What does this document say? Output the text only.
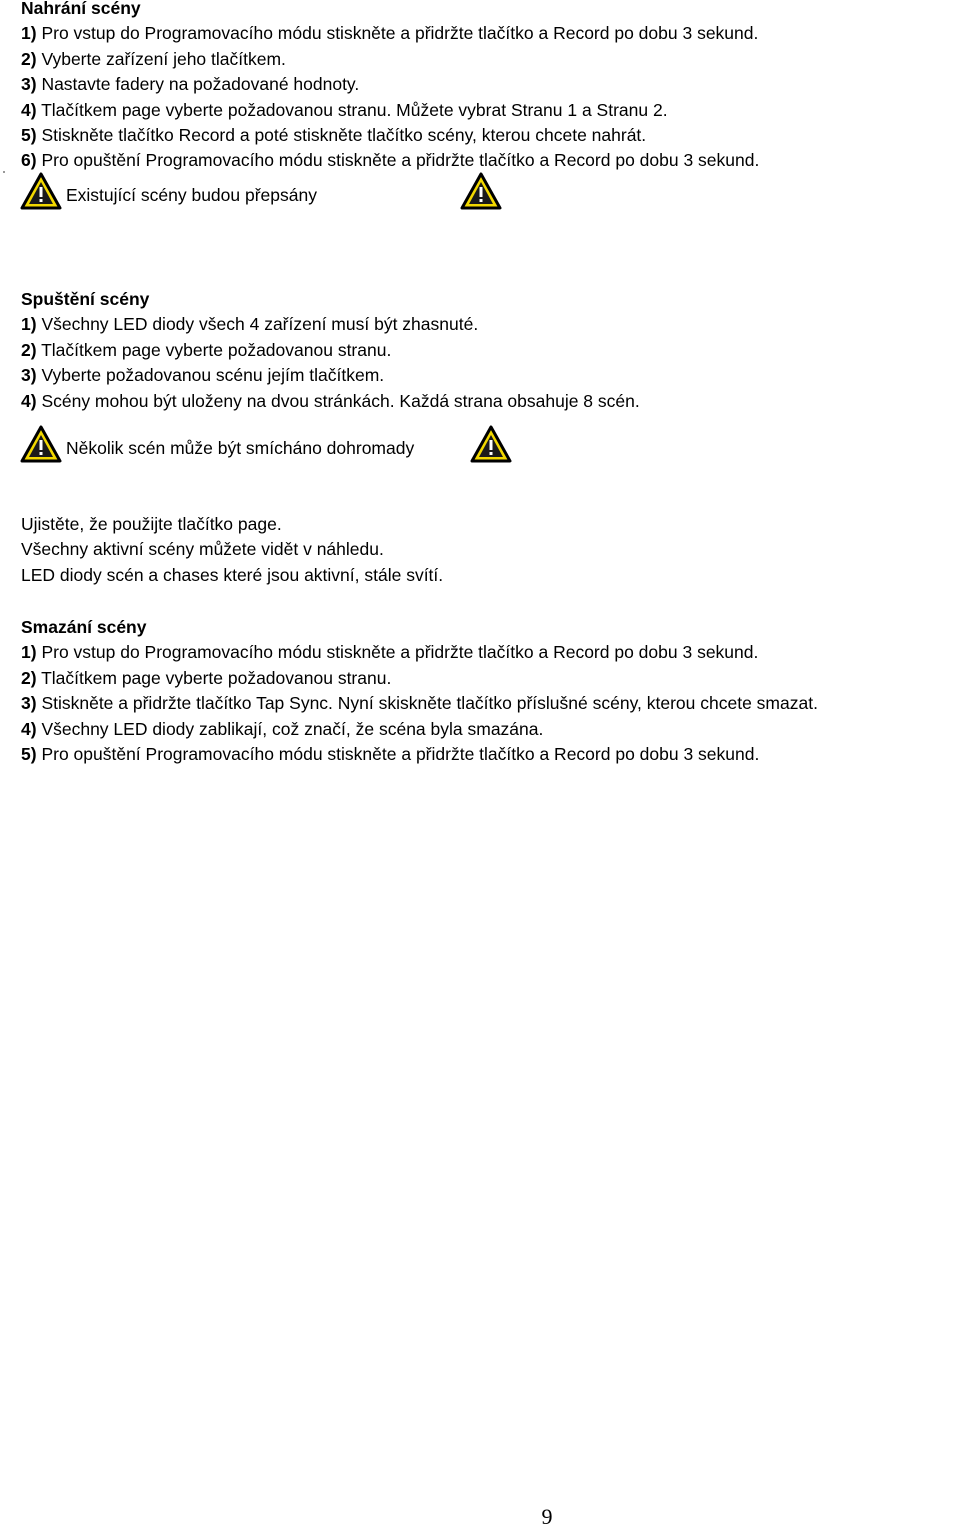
Nahrání scény
1) Pro vstup do Programovacího módu stiskněte a přidržte tlačítko a Record po dobu 3 sekund.
2) Vyberte zařízení jeho tlačítkem.
3) Nastavte fadery na požadované hodnoty.
4) Tlačítkem page vyberte požadovanou stranu. Můžete vybrat Stranu 1 a Stranu 2.
5) Stiskněte tlačítko Record a poté stiskněte tlačítko scény, kterou chcete nahrát.
6) Pro opuštění Programovacího módu stiskněte a přidržte tlačítko a Record po dobu 3 sekund.
Existující scény budou přepsány
Spuštění scény
1) Všechny LED diody všech 4 zařízení musí být zhasnuté.
2) Tlačítkem page vyberte požadovanou stranu.
3) Vyberte požadovanou scénu jejím tlačítkem.
4) Scény mohou být uloženy na dvou stránkách. Každá strana obsahuje 8 scén.
Několik scén může být smícháno dohromady
Ujistěte, že použijte tlačítko page.
Všechny aktivní scény můžete vidět v náhledu.
LED diody scén a chases které jsou aktivní, stále svítí.
Smazání scény
1) Pro vstup do Programovacího módu stiskněte a přidržte tlačítko a Record po dobu 3 sekund.
2) Tlačítkem page vyberte požadovanou stranu.
3) Stiskněte a přidržte tlačítko Tap Sync. Nyní skiskněte tlačítko příslušné scény, kterou chcete smazat.
4) Všechny LED diody zablikají, což značí, že scéna byla smazána.
5) Pro opuštění Programovacího módu stiskněte a přidržte tlačítko a Record po dobu 3 sekund.
9
